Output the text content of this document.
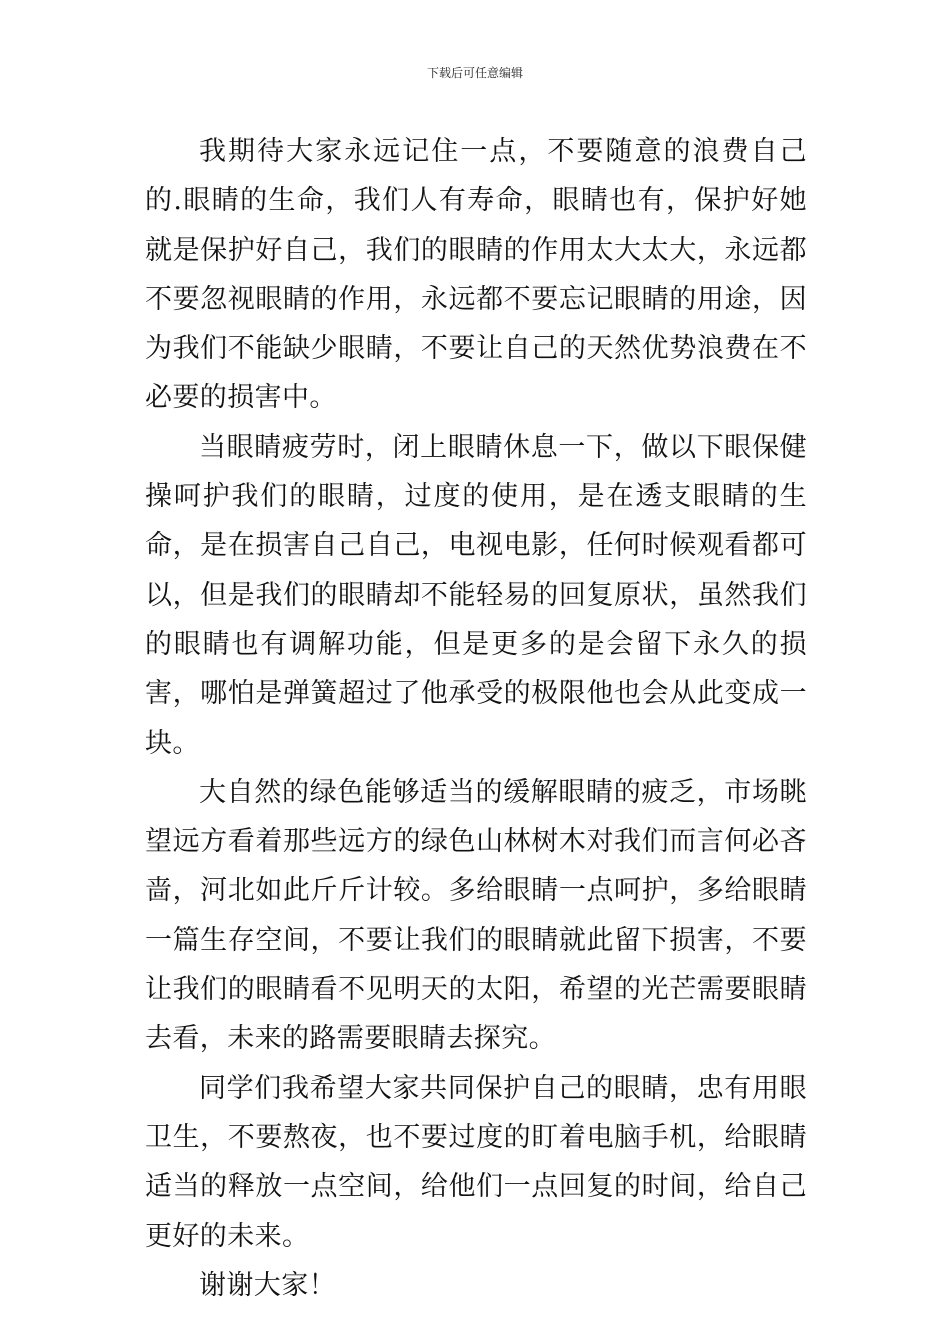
下载后可任意编辑

我期待大家永远记住一点，不要随意的浪费自己的.眼睛的生命，我们人有寿命，眼睛也有，保护好她就是保护好自己，我们的眼睛的作用太大太大，永远都不要忽视眼睛的作用，永远都不要忘记眼睛的用途，因为我们不能缺少眼睛，不要让自己的天然优势浪费在不必要的损害中。

当眼睛疲劳时，闭上眼睛休息一下，做以下眼保健操呵护我们的眼睛，过度的使用，是在透支眼睛的生命，是在损害自己自己，电视电影，任何时候观看都可以，但是我们的眼睛却不能轻易的回复原状，虽然我们的眼睛也有调解功能，但是更多的是会留下永久的损害，哪怕是弹簧超过了他承受的极限他也会从此变成一块。

大自然的绿色能够适当的缓解眼睛的疲乏，市场眺望远方看着那些远方的绿色山林树木对我们而言何必吝啬，河北如此斤斤计较。多给眼睛一点呵护，多给眼睛一篇生存空间，不要让我们的眼睛就此留下损害，不要让我们的眼睛看不见明天的太阳，希望的光芒需要眼睛去看，未来的路需要眼睛去探究。

同学们我希望大家共同保护自己的眼睛，忠有用眼卫生，不要熬夜，也不要过度的盯着电脑手机，给眼睛适当的释放一点空间，给他们一点回复的时间，给自己更好的未来。

谢谢大家！
